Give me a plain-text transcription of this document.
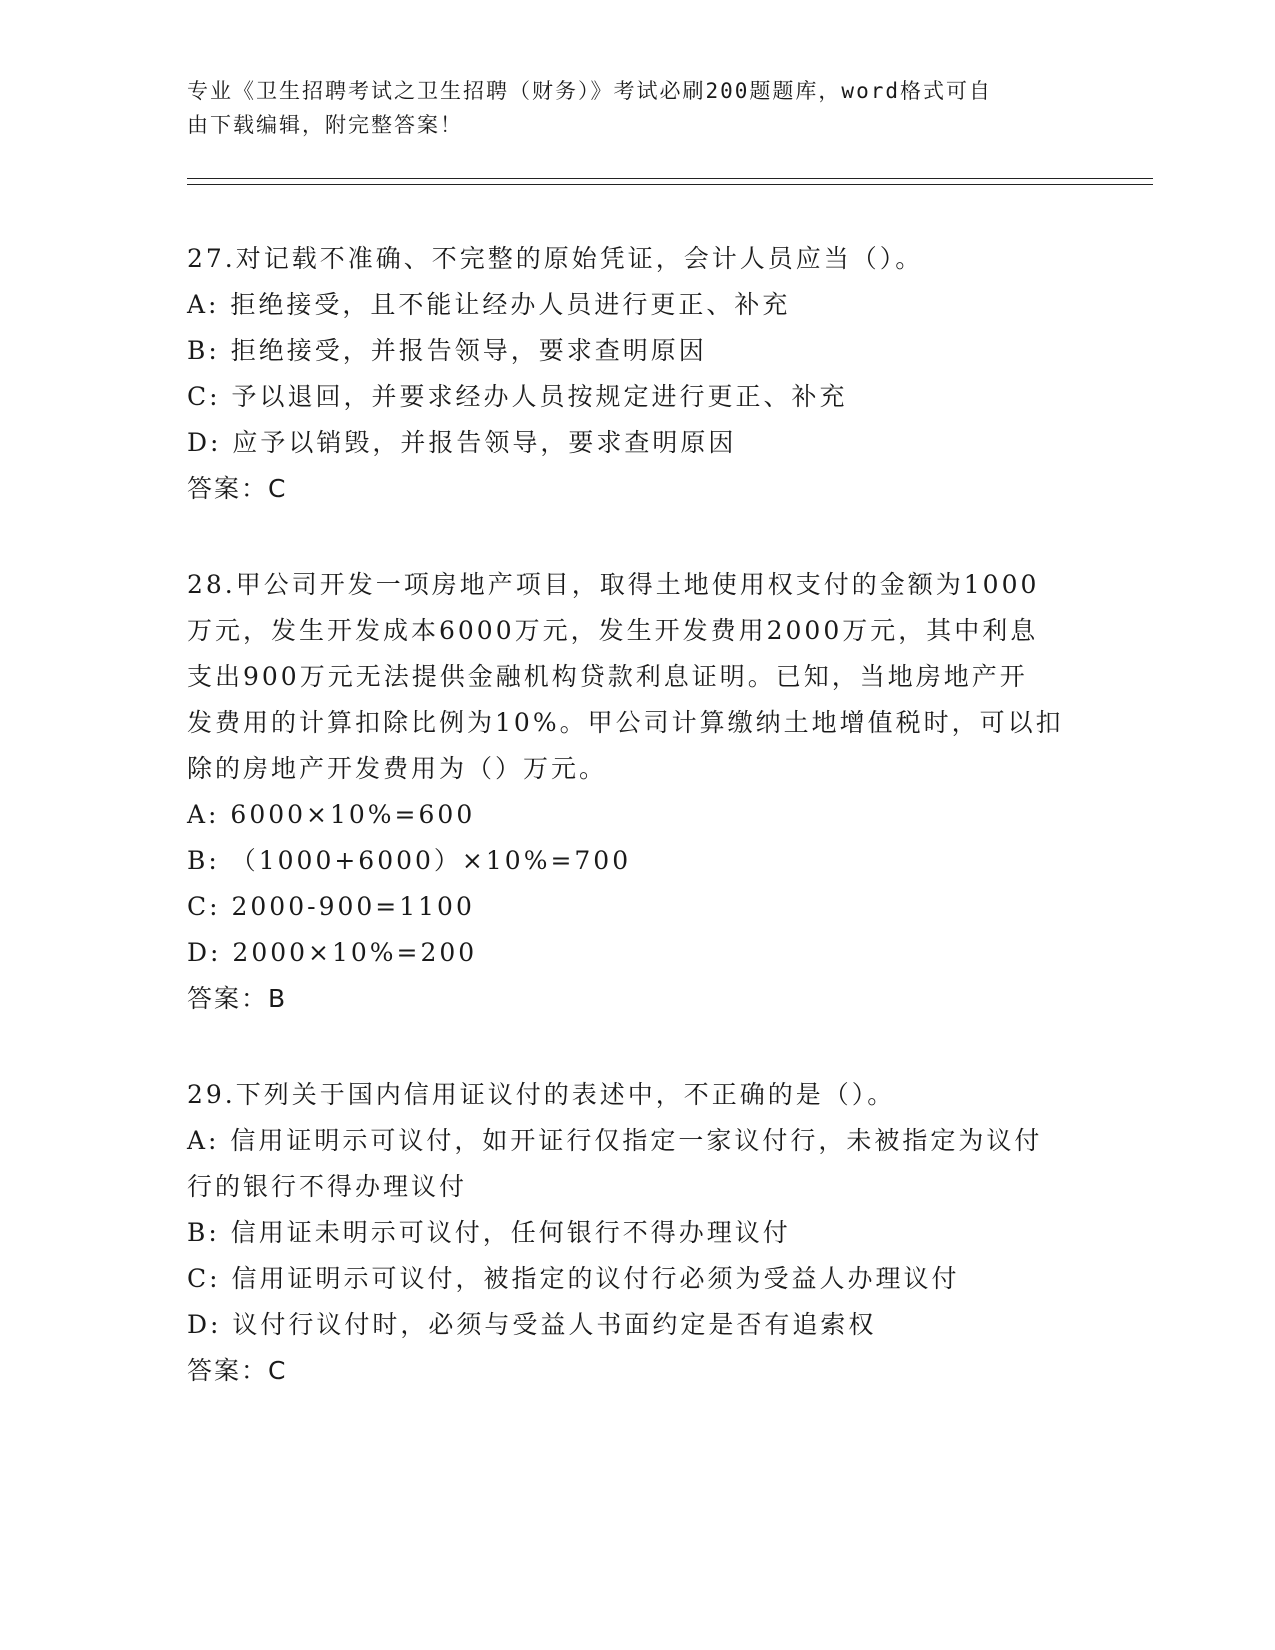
专业《卫生招聘考试之卫生招聘（财务）》考试必刷200题题库，word格式可自
由下载编辑，附完整答案！
27.对记载不准确、不完整的原始凭证，会计人员应当（）。
A: 拒绝接受，且不能让经办人员进行更正、补充
B: 拒绝接受，并报告领导，要求查明原因
C: 予以退回，并要求经办人员按规定进行更正、补充
D: 应予以销毁，并报告领导，要求查明原因
答案：C
28.甲公司开发一项房地产项目，取得土地使用权支付的金额为1000
万元，发生开发成本6000万元，发生开发费用2000万元，其中利息
支出900万元无法提供金融机构贷款利息证明。已知，当地房地产开
发费用的计算扣除比例为10%。甲公司计算缴纳土地增值税时，可以扣
除的房地产开发费用为（）万元。
A: 6000×10%=600
B: （1000+6000）×10%=700
C: 2000-900=1100
D: 2000×10%=200
答案：B
29.下列关于国内信用证议付的表述中，不正确的是（）。
A: 信用证明示可议付，如开证行仅指定一家议付行，未被指定为议付
行的银行不得办理议付
B: 信用证未明示可议付，任何银行不得办理议付
C: 信用证明示可议付，被指定的议付行必须为受益人办理议付
D: 议付行议付时，必须与受益人书面约定是否有追索权
答案：C
